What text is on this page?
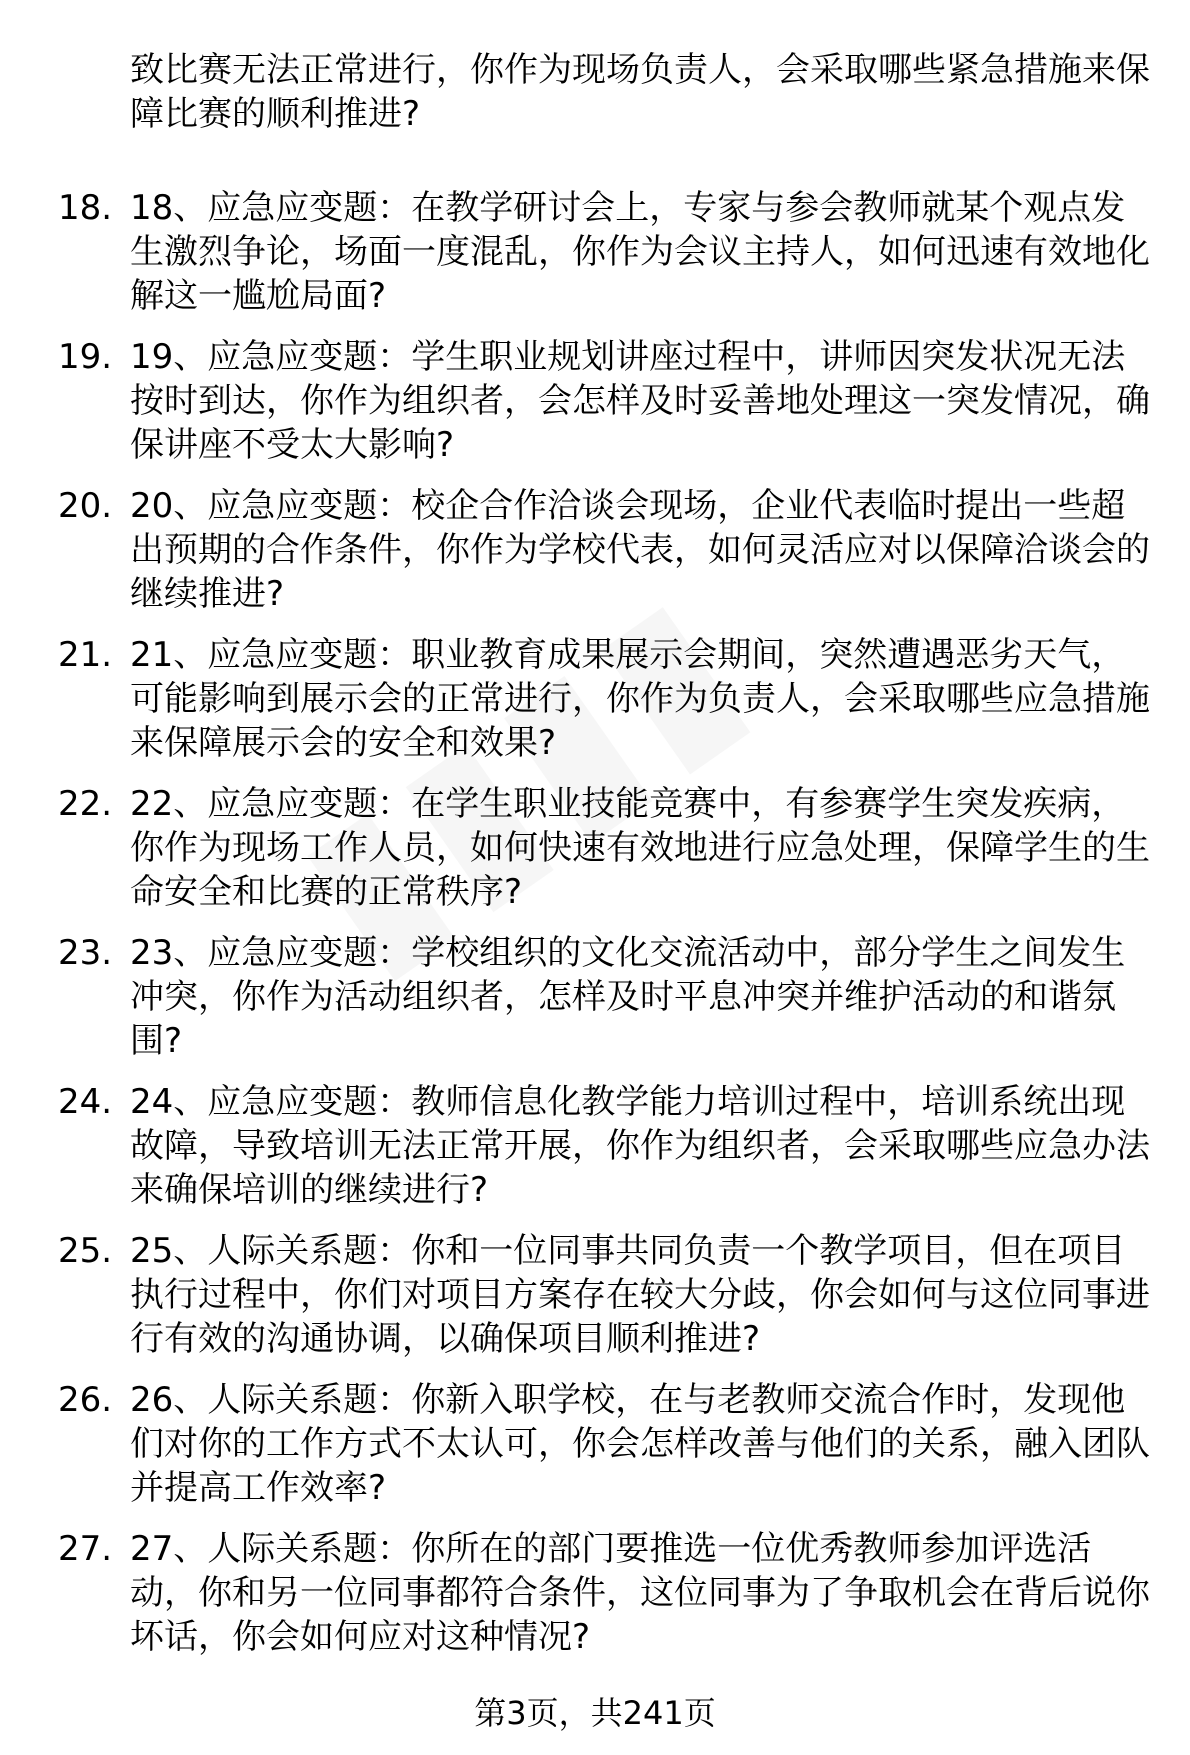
致比赛无法正常进行，你作为现场负责人，会采取哪些紧急措施来保障比赛的顺利推进?

18. 18、应急应变题：在教学研讨会上，专家与参会教师就某个观点发生激烈争论，场面一度混乱，你作为会议主持人，如何迅速有效地化解这一尴尬局面?
19. 19、应急应变题：学生职业规划讲座过程中，讲师因突发状况无法按时到达，你作为组织者，会怎样及时妥善地处理这一突发情况，确保讲座不受太大影响?
20. 20、应急应变题：校企合作洽谈会现场，企业代表临时提出一些超出预期的合作条件，你作为学校代表，如何灵活应对以保障洽谈会的继续推进?
21. 21、应急应变题：职业教育成果展示会期间，突然遭遇恶劣天气，可能影响到展示会的正常进行，你作为负责人，会采取哪些应急措施来保障展示会的安全和效果?
22. 22、应急应变题：在学生职业技能竞赛中，有参赛学生突发疾病，你作为现场工作人员，如何快速有效地进行应急处理，保障学生的生命安全和比赛的正常秩序?
23. 23、应急应变题：学校组织的文化交流活动中，部分学生之间发生冲突，你作为活动组织者，怎样及时平息冲突并维护活动的和谐氛围?
24. 24、应急应变题：教师信息化教学能力培训过程中，培训系统出现故障，导致培训无法正常开展，你作为组织者，会采取哪些应急办法来确保培训的继续进行?
25. 25、人际关系题：你和一位同事共同负责一个教学项目，但在项目执行过程中，你们对项目方案存在较大分歧，你会如何与这位同事进行有效的沟通协调，以确保项目顺利推进?
26. 26、人际关系题：你新入职学校，在与老教师交流合作时，发现他们对你的工作方式不太认可，你会怎样改善与他们的关系，融入团队并提高工作效率?
27. 27、人际关系题：你所在的部门要推选一位优秀教师参加评选活动，你和另一位同事都符合条件，这位同事为了争取机会在背后说你坏话，你会如何应对这种情况?
第3页，共241页
